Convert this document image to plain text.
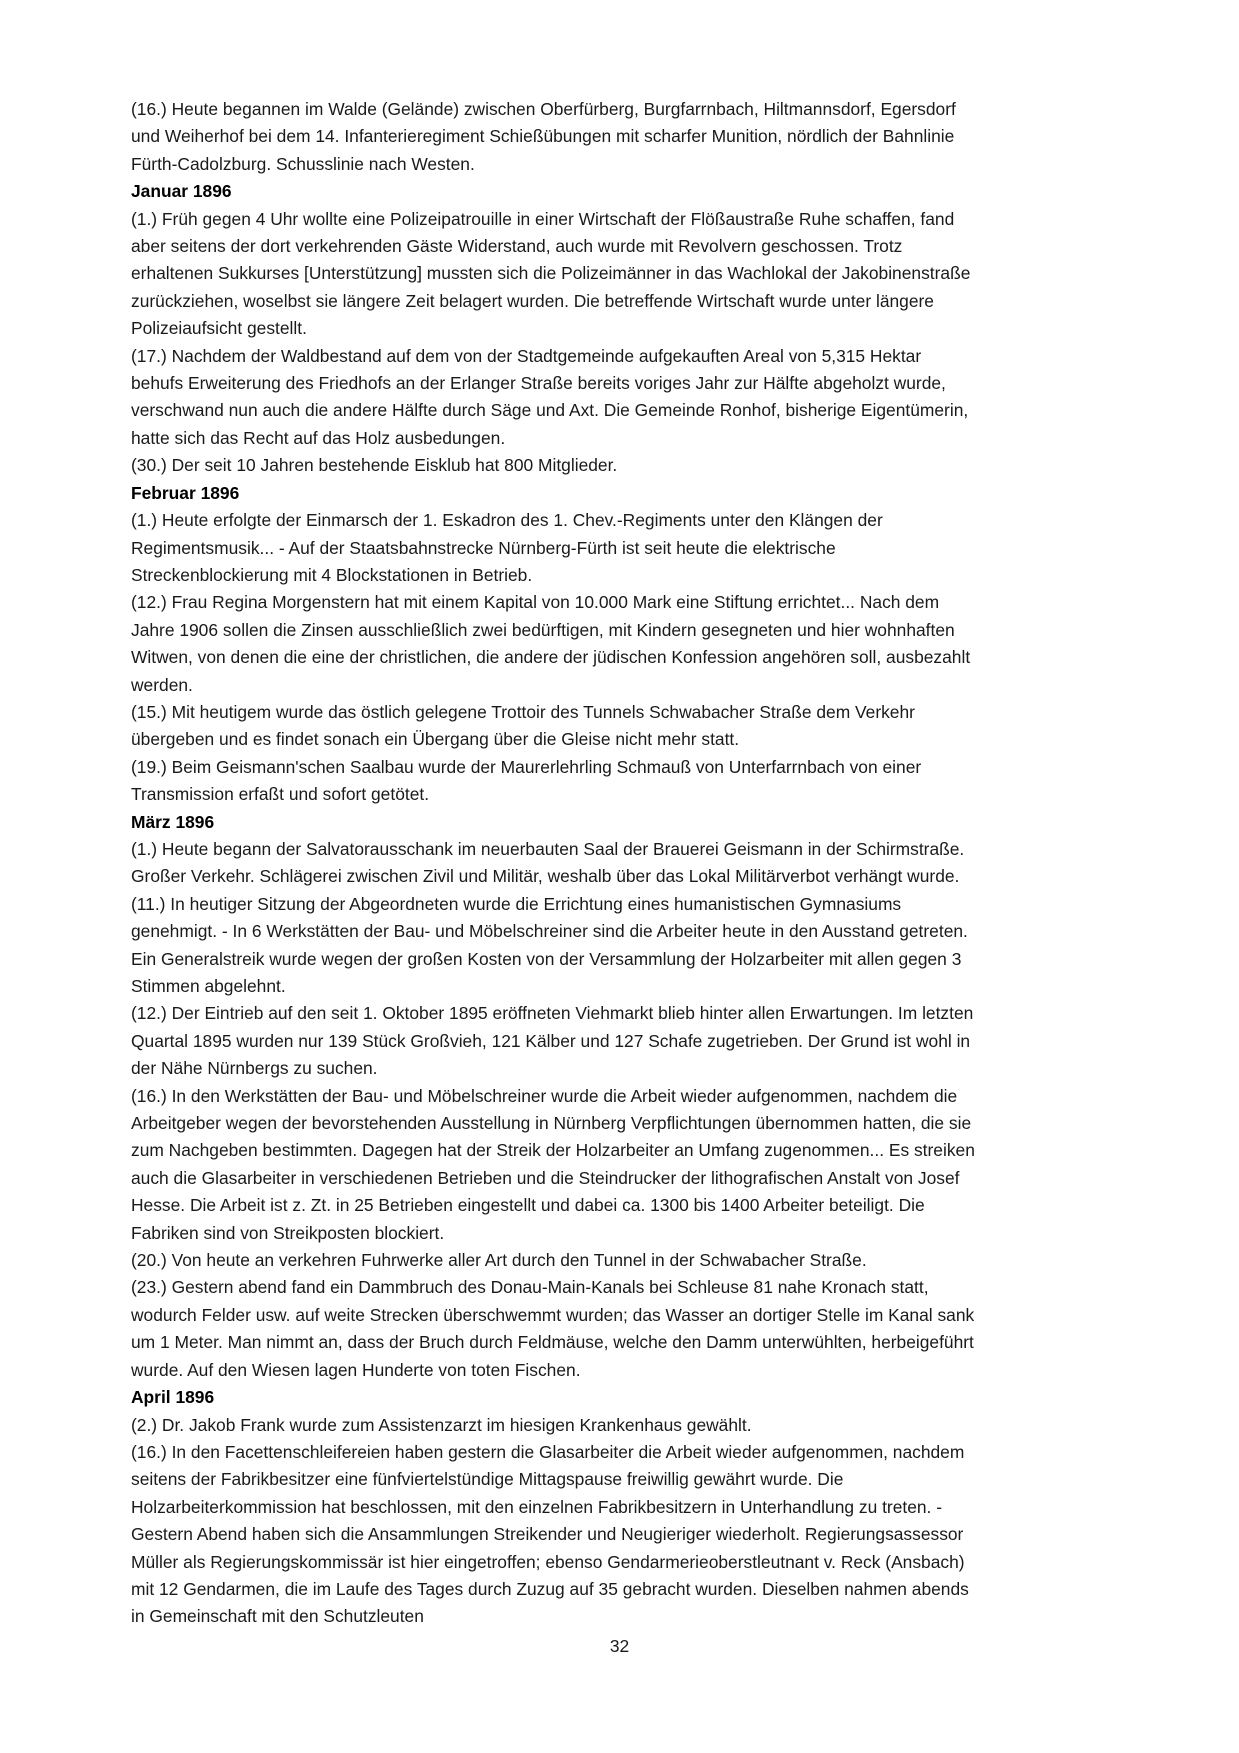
(16.) Heute begannen im Walde (Gelände) zwischen Oberfürberg, Burgfarrnbach, Hiltmannsdorf, Egersdorf und Weiherhof bei dem 14. Infanterieregiment Schießübungen mit scharfer Munition, nördlich der Bahnlinie Fürth-Cadolzburg. Schusslinie nach Westen.

Januar 1896

(1.) Früh gegen 4 Uhr wollte eine Polizeipatrouille in einer Wirtschaft der Flößaustraße Ruhe schaffen, fand aber seitens der dort verkehrenden Gäste Widerstand, auch wurde mit Revolvern geschossen. Trotz erhaltenen Sukkurses [Unterstützung] mussten sich die Polizeimänner in das Wachlokal der Jakobinenstraße zurückziehen, woselbst sie längere Zeit belagert wurden. Die betreffende Wirtschaft wurde unter längere Polizeiaufsicht gestellt.

(17.) Nachdem der Waldbestand auf dem von der Stadtgemeinde aufgekauften Areal von 5,315 Hektar behufs Erweiterung des Friedhofs an der Erlanger Straße bereits voriges Jahr zur Hälfte abgeholzt wurde, verschwand nun auch die andere Hälfte durch Säge und Axt. Die Gemeinde Ronhof, bisherige Eigentümerin, hatte sich das Recht auf das Holz ausbedungen.

(30.) Der seit 10 Jahren bestehende Eisklub hat 800 Mitglieder.

Februar 1896

(1.) Heute erfolgte der Einmarsch der 1. Eskadron des 1. Chev.-Regiments unter den Klängen der Regimentsmusik... - Auf der Staatsbahnstrecke Nürnberg-Fürth ist seit heute die elektrische Streckenblockierung mit 4 Blockstationen in Betrieb.

(12.) Frau Regina Morgenstern hat mit einem Kapital von 10.000 Mark eine Stiftung errichtet... Nach dem Jahre 1906 sollen die Zinsen ausschließlich zwei bedürftigen, mit Kindern gesegneten und hier wohnhaften Witwen, von denen die eine der christlichen, die andere der jüdischen Konfession angehören soll, ausbezahlt werden.

(15.) Mit heutigem wurde das östlich gelegene Trottoir des Tunnels Schwabacher Straße dem Verkehr übergeben und es findet sonach ein Übergang über die Gleise nicht mehr statt.

(19.) Beim Geismann'schen Saalbau wurde der Maurerlehrling Schmauß von Unterfarrnbach von einer Transmission erfaßt und sofort getötet.

März 1896

(1.) Heute begann der Salvatorausschank im neuerbauten Saal der Brauerei Geismann in der Schirmstraße. Großer Verkehr. Schlägerei zwischen Zivil und Militär, weshalb über das Lokal Militärverbot verhängt wurde.

(11.) In heutiger Sitzung der Abgeordneten wurde die Errichtung eines humanistischen Gymnasiums genehmigt. - In 6 Werkstätten der Bau- und Möbelschreiner sind die Arbeiter heute in den Ausstand getreten. Ein Generalstreik wurde wegen der großen Kosten von der Versammlung der Holzarbeiter mit allen gegen 3 Stimmen abgelehnt.

(12.) Der Eintrieb auf den seit 1. Oktober 1895 eröffneten Viehmarkt blieb hinter allen Erwartungen. Im letzten Quartal 1895 wurden nur 139 Stück Großvieh, 121 Kälber und 127 Schafe zugetrieben. Der Grund ist wohl in der Nähe Nürnbergs zu suchen.

(16.) In den Werkstätten der Bau- und Möbelschreiner wurde die Arbeit wieder aufgenommen, nachdem die Arbeitgeber wegen der bevorstehenden Ausstellung in Nürnberg Verpflichtungen übernommen hatten, die sie zum Nachgeben bestimmten. Dagegen hat der Streik der Holzarbeiter an Umfang zugenommen... Es streiken auch die Glasarbeiter in verschiedenen Betrieben und die Steindrucker der lithografischen Anstalt von Josef Hesse. Die Arbeit ist z. Zt. in 25 Betrieben eingestellt und dabei ca. 1300 bis 1400 Arbeiter beteiligt. Die Fabriken sind von Streikposten blockiert.

(20.) Von heute an verkehren Fuhrwerke aller Art durch den Tunnel in der Schwabacher Straße.

(23.) Gestern abend fand ein Dammbruch des Donau-Main-Kanals bei Schleuse 81 nahe Kronach statt, wodurch Felder usw. auf weite Strecken überschwemmt wurden; das Wasser an dortiger Stelle im Kanal sank um 1 Meter. Man nimmt an, dass der Bruch durch Feldmäuse, welche den Damm unterwühlten, herbeigeführt wurde. Auf den Wiesen lagen Hunderte von toten Fischen.

April 1896

(2.) Dr. Jakob Frank wurde zum Assistenzarzt im hiesigen Krankenhaus gewählt.

(16.) In den Facettenschleifereien haben gestern die Glasarbeiter die Arbeit wieder aufgenommen, nachdem seitens der Fabrikbesitzer eine fünfviertelstündige Mittagspause freiwillig gewährt wurde. Die Holzarbeiterkommission hat beschlossen, mit den einzelnen Fabrikbesitzern in Unterhandlung zu treten. - Gestern Abend haben sich die Ansammlungen Streikender und Neugieriger wiederholt. Regierungsassessor Müller als Regierungskommissär ist hier eingetroffen; ebenso Gendarmerieoberstleutnant v. Reck (Ansbach) mit 12 Gendarmen, die im Laufe des Tages durch Zuzug auf 35 gebracht wurden. Dieselben nahmen abends in Gemeinschaft mit den Schutzleuten

32
